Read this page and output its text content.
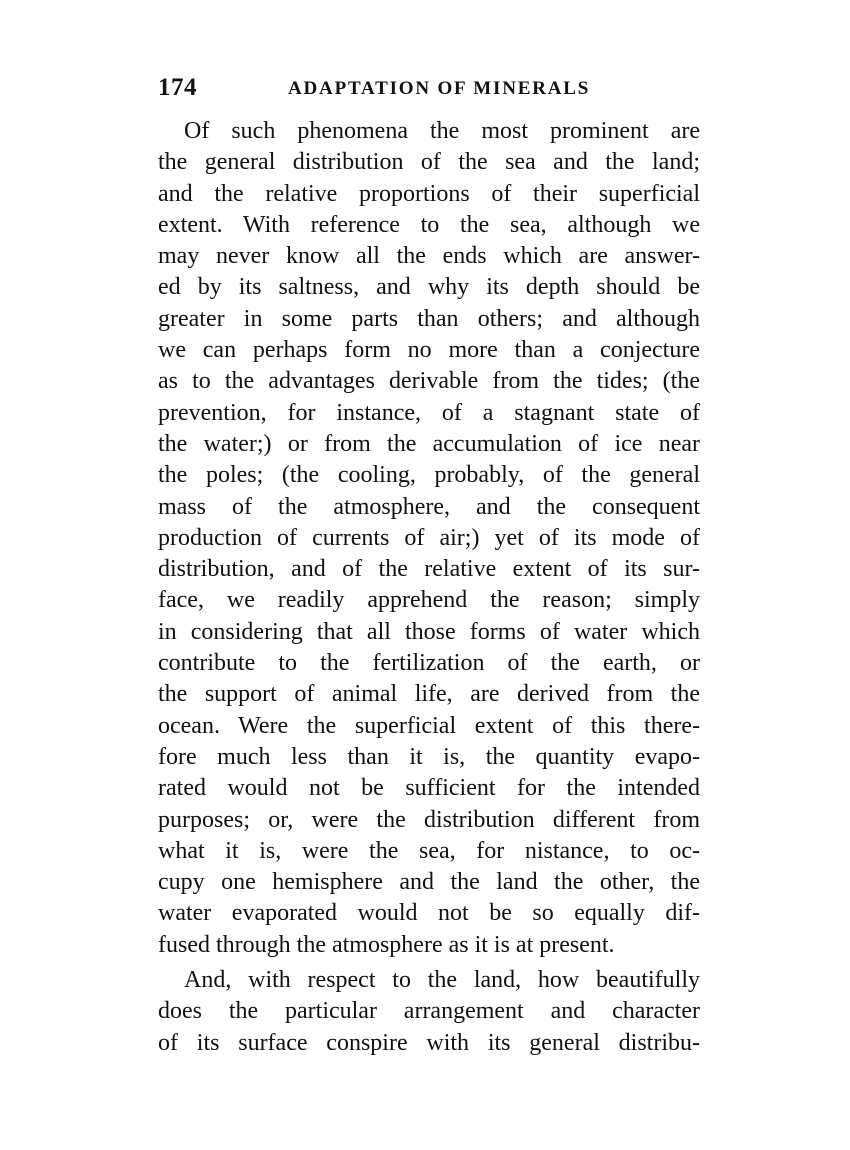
174	ADAPTATION OF MINERALS
Of such phenomena the most prominent are
the general distribution of the sea and the land;
and the relative proportions of their superficial
extent. With reference to the sea, although we
may never know all the ends which are answer-
ed by its saltness, and why its depth should be
greater in some parts than others; and although
we can perhaps form no more than a conjecture
as to the advantages derivable from the tides; (the
prevention, for instance, of a stagnant state of
the water;) or from the accumulation of ice near
the poles; (the cooling, probably, of the general
mass of the atmosphere, and the consequent
production of currents of air;) yet of its mode of
distribution, and of the relative extent of its sur-
face, we readily apprehend the reason; simply
in considering that all those forms of water which
contribute to the fertilization of the earth, or
the support of animal life, are derived from the
ocean. Were the superficial extent of this there-
fore much less than it is, the quantity evapo-
rated would not be sufficient for the intended
purposes; or, were the distribution different from
what it is, were the sea, for nistance, to oc-
cupy one hemisphere and the land the other, the
water evaporated would not be so equally dif-
fused through the atmosphere as it is at present.
And, with respect to the land, how beautifully
does the particular arrangement and character
of its surface conspire with its general distribu-
